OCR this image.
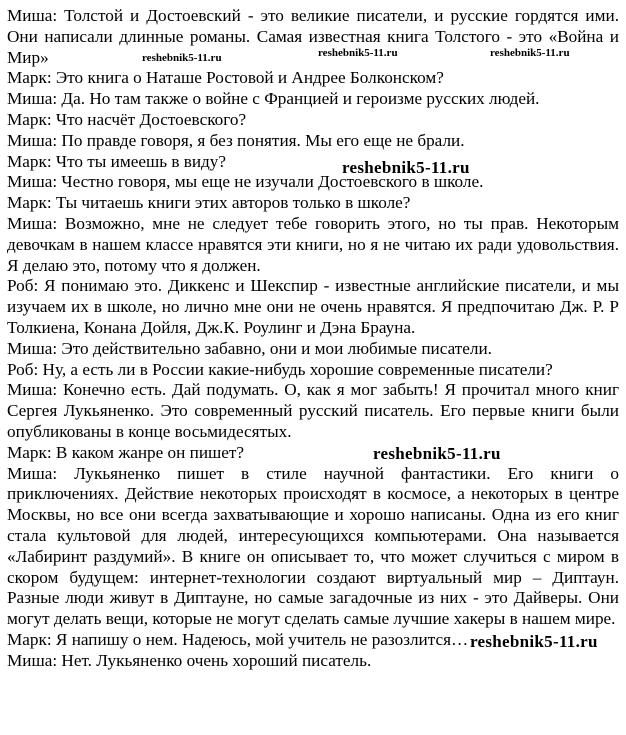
Миша: Толстой и Достоевский - это великие писатели, и русские гордятся ими. Они написали длинные романы. Самая известная книга Толстого - это «Война и Мир»

Марк: Это книга о Наташе Ростовой и Андрее Болконском?

Миша: Да. Но там также о войне с Францией и героизме русских людей.

Марк: Что насчёт Достоевского?

Миша: По правде говоря, я без понятия. Мы его еще не брали.

Марк: Что ты имеешь в виду?

Миша: Честно говоря, мы еще не изучали Достоевского в школе.

Марк: Ты читаешь книги этих авторов только в школе?

Миша: Возможно, мне не следует тебе говорить этого, но ты прав. Некоторым девочкам в нашем классе нравятся эти книги, но я не читаю их ради удовольствия. Я делаю это, потому что я должен.

Роб: Я понимаю это. Диккенс и Шекспир - известные английские писатели, и мы изучаем их в школе, но лично мне они не очень нравятся. Я предпочитаю Дж. Р. Р Толкиена, Конана Дойля, Дж.К. Роулинг и Дэна Брауна.

Миша: Это действительно забавно, они и мои любимые писатели.

Роб: Ну, а есть ли в России какие-нибудь хорошие современные писатели?

Миша: Конечно есть. Дай подумать. О, как я мог забыть! Я прочитал много книг Сергея Лукьяненко. Это современный русский писатель. Его первые книги были опубликованы в конце восьмидесятых.

Марк: В каком жанре он пишет?

Миша: Лукьяненко пишет в стиле научной фантастики. Его книги о приключениях. Действие некоторых происходят в космосе, а некоторых в центре Москвы, но все они всегда захватывающие и хорошо написаны. Одна из его книг стала культовой для людей, интересующихся компьютерами. Она называется «Лабиринт раздумий». В книге он описывает то, что может случиться с миром в скором будущем: интернет-технологии создают виртуальный мир – Диптаун. Разные люди живут в Диптауне, но самые загадочные из них - это Дайверы. Они могут делать вещи, которые не могут сделать самые лучшие хакеры в нашем мире.

Марк: Я напишу о нем. Надеюсь, мой учитель не разозлится…

Миша: Нет. Лукьяненко очень хороший писатель.

reshebnik5-11.ru	reshebnik5-11.ru	reshebnik5-11.ru
reshebnik5-11.ru
reshebnik5-11.ru
reshebnik5-11.ru
